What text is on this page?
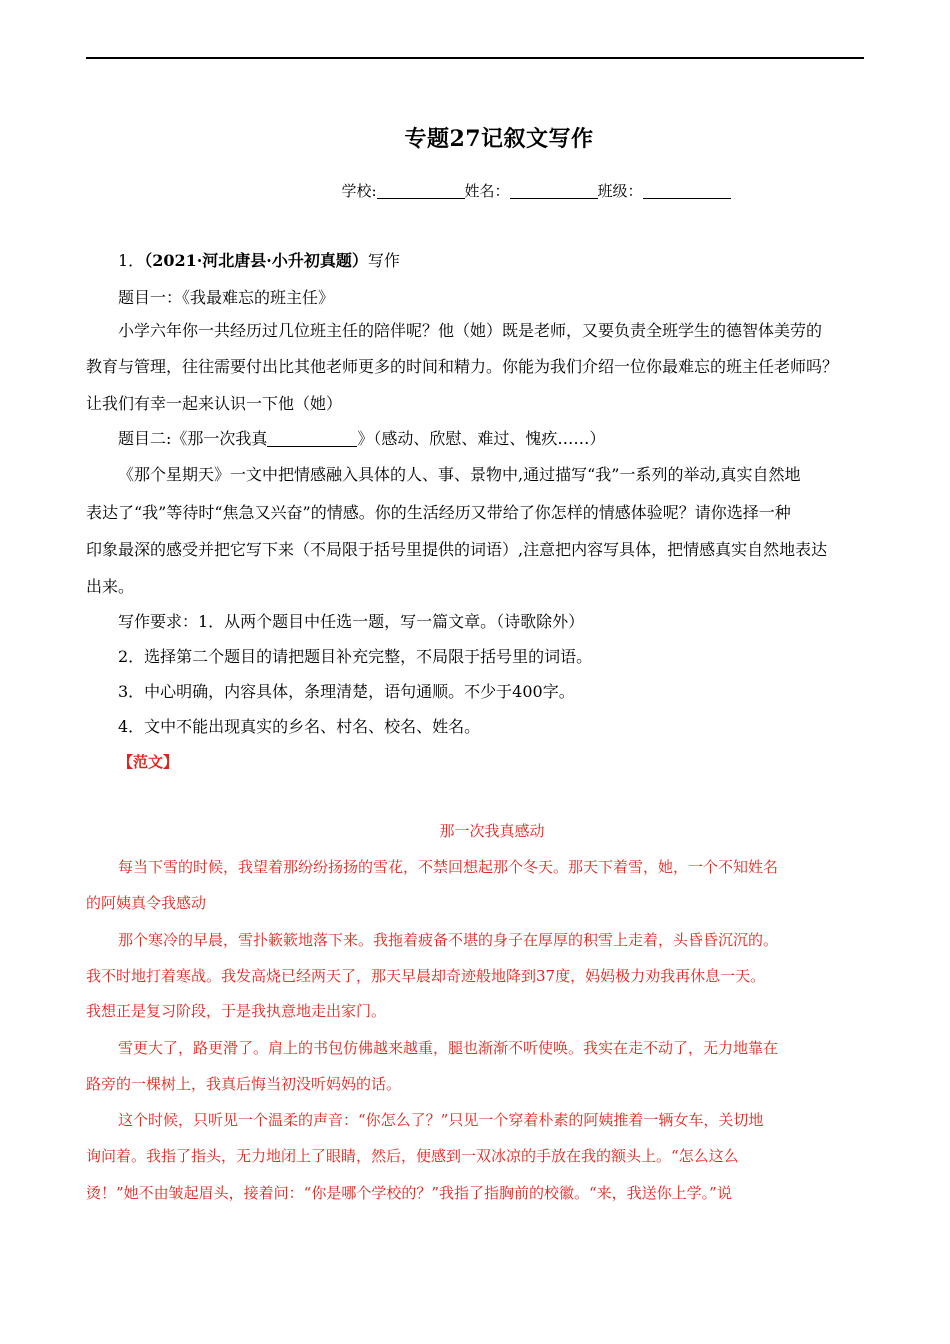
专题27记叙文写作
学校:	姓名：	班级：
1．（2021·河北唐县·小升初真题）写作
题目一：《我最难忘的班主任》
小学六年你一共经历过几位班主任的陪伴呢？他（她）既是老师，又要负责全班学生的德智体美劳的
教育与管理，往往需要付出比其他老师更多的时间和精力。你能为我们介绍一位你最难忘的班主任老师吗？
让我们有幸一起来认识一下他（她）
题目二:《那一次我真	》（感动、欣慰、难过、愧疚……）
《那个星期天》一文中把情感融入具体的人、事、景物中,通过描写“我”一系列的举动,真实自然地
表达了“我”等待时“焦急又兴奋”的情感。你的生活经历又带给了你怎样的情感体验呢？请你选择一种
印象最深的感受并把它写下来（不局限于括号里提供的词语）,注意把内容写具体，把情感真实自然地表达
出来。
写作要求：1．从两个题目中任选一题，写一篇文章。（诗歌除外）
2．选择第二个题目的请把题目补充完整，不局限于括号里的词语。
3．中心明确，内容具体，条理清楚，语句通顺。不少于400字。
4．文中不能出现真实的乡名、村名、校名、姓名。
【范文】
那一次我真感动
每当下雪的时候，我望着那纷纷扬扬的雪花，不禁回想起那个冬天。那天下着雪，她，一个不知姓名
的阿姨真令我感动
那个寒冷的早晨，雪扑簌簌地落下来。我拖着疲备不堪的身子在厚厚的积雪上走着，头昏昏沉沉的。
我不时地打着寒战。我发高烧已经两天了，那天早晨却奇迹般地降到37度，妈妈极力劝我再休息一天。
我想正是复习阶段，于是我执意地走出家门。
雪更大了，路更滑了。肩上的书包仿佛越来越重，腿也渐渐不听使唤。我实在走不动了，无力地靠在
路旁的一棵树上，我真后悔当初没听妈妈的话。
这个时候，只听见一个温柔的声音：“你怎么了？”只见一个穿着朴素的阿姨推着一辆女车，关切地
询问着。我指了指头，无力地闭上了眼睛，然后，便感到一双冰凉的手放在我的额头上。“怎么这么
烫！”她不由皱起眉头，接着问：“你是哪个学校的？”我指了指胸前的校徽。“来，我送你上学。”说
